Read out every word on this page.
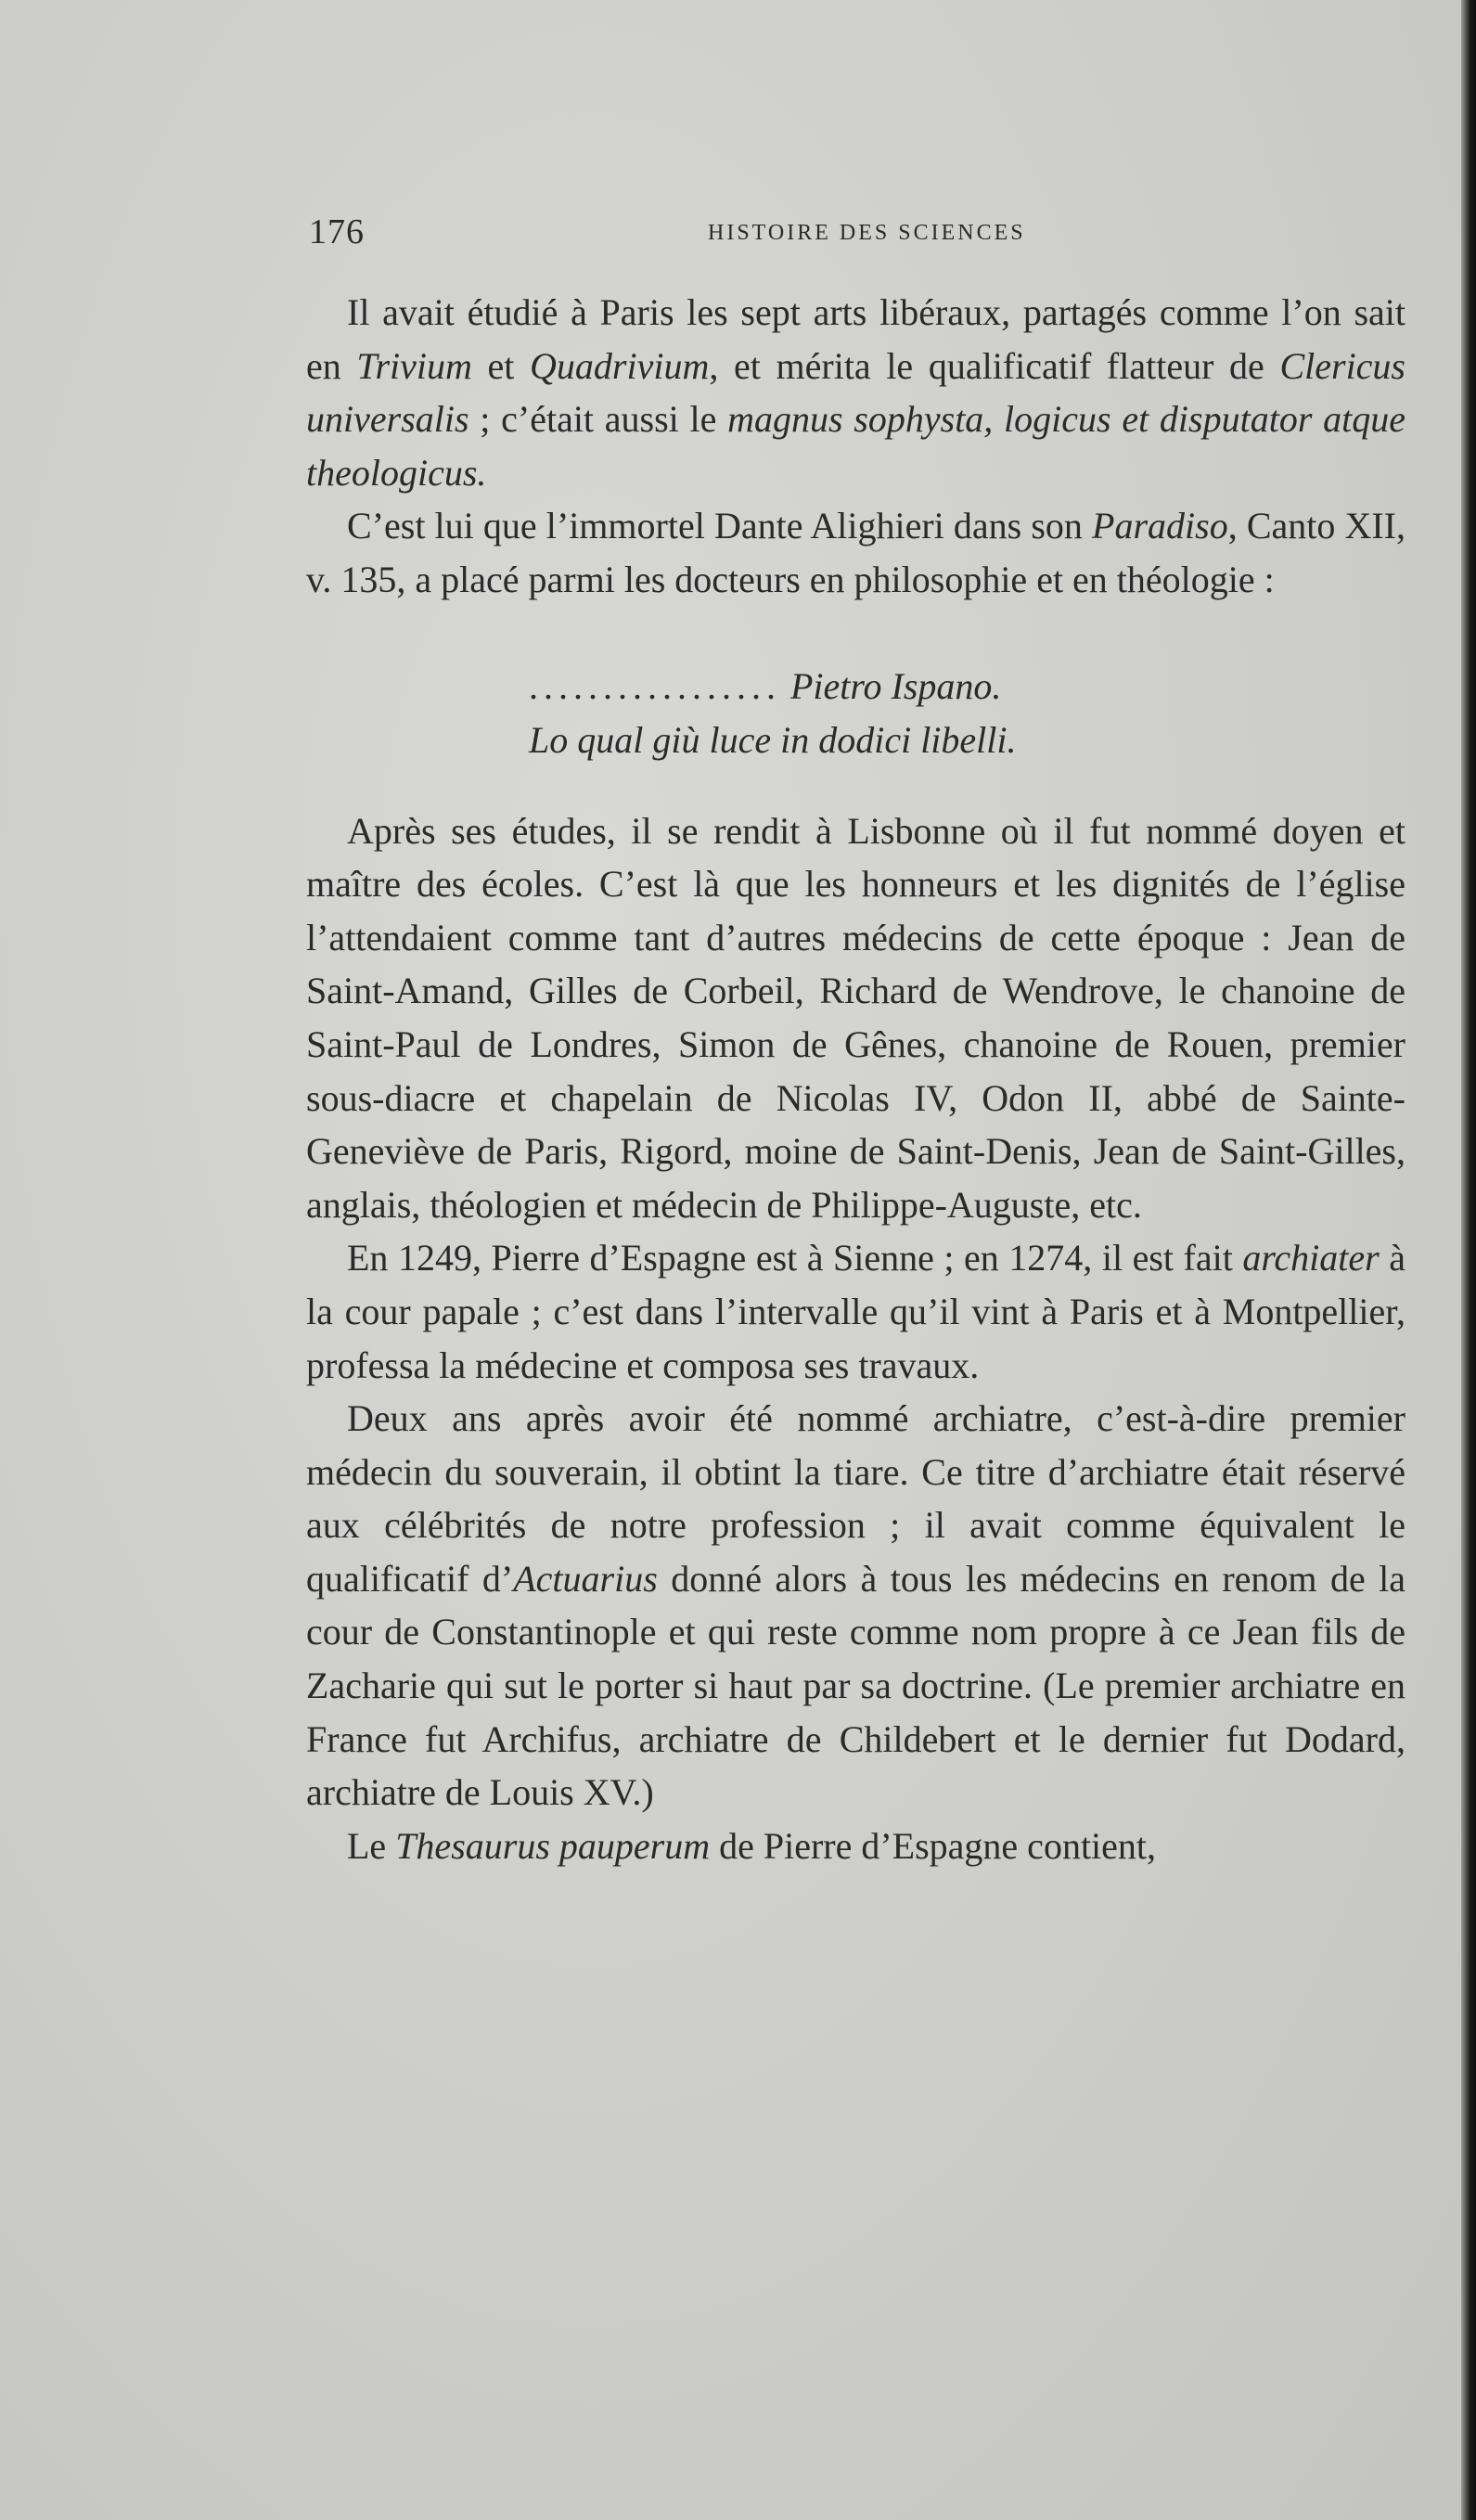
176	HISTOIRE DES SCIENCES

Il avait étudié à Paris les sept arts libéraux, partagés comme l’on sait en Trivium et Quadrivium, et mérita le qualificatif flatteur de Clericus universalis ; c’était aussi le magnus sophysta, logicus et disputator atque theologicus.

C’est lui que l’immortel Dante Alighieri dans son Paradiso, Canto XII, v. 135, a placé parmi les docteurs en philosophie et en théologie :

................. Pietro Ispano.
Lo qual giù luce in dodici libelli.

Après ses études, il se rendit à Lisbonne où il fut nommé doyen et maître des écoles. C’est là que les honneurs et les dignités de l’église l’attendaient comme tant d’autres médecins de cette époque : Jean de Saint-Amand, Gilles de Corbeil, Richard de Wendrove, le chanoine de Saint-Paul de Londres, Simon de Gênes, chanoine de Rouen, premier sous-diacre et chapelain de Nicolas IV, Odon II, abbé de Sainte-Geneviève de Paris, Rigord, moine de Saint-Denis, Jean de Saint-Gilles, anglais, théologien et médecin de Philippe-Auguste, etc.

En 1249, Pierre d’Espagne est à Sienne ; en 1274, il est fait archiater à la cour papale ; c’est dans l’intervalle qu’il vint à Paris et à Montpellier, professa la médecine et composa ses travaux.

Deux ans après avoir été nommé archiatre, c’est-à-dire premier médecin du souverain, il obtint la tiare. Ce titre d’archiatre était réservé aux célébrités de notre profession ; il avait comme équivalent le qualificatif d’Actuarius donné alors à tous les médecins en renom de la cour de Constantinople et qui reste comme nom propre à ce Jean fils de Zacharie qui sut le porter si haut par sa doctrine. (Le premier archiatre en France fut Archifus, archiatre de Childebert et le dernier fut Dodard, archiatre de Louis XV.)

Le Thesaurus pauperum de Pierre d’Espagne contient,
